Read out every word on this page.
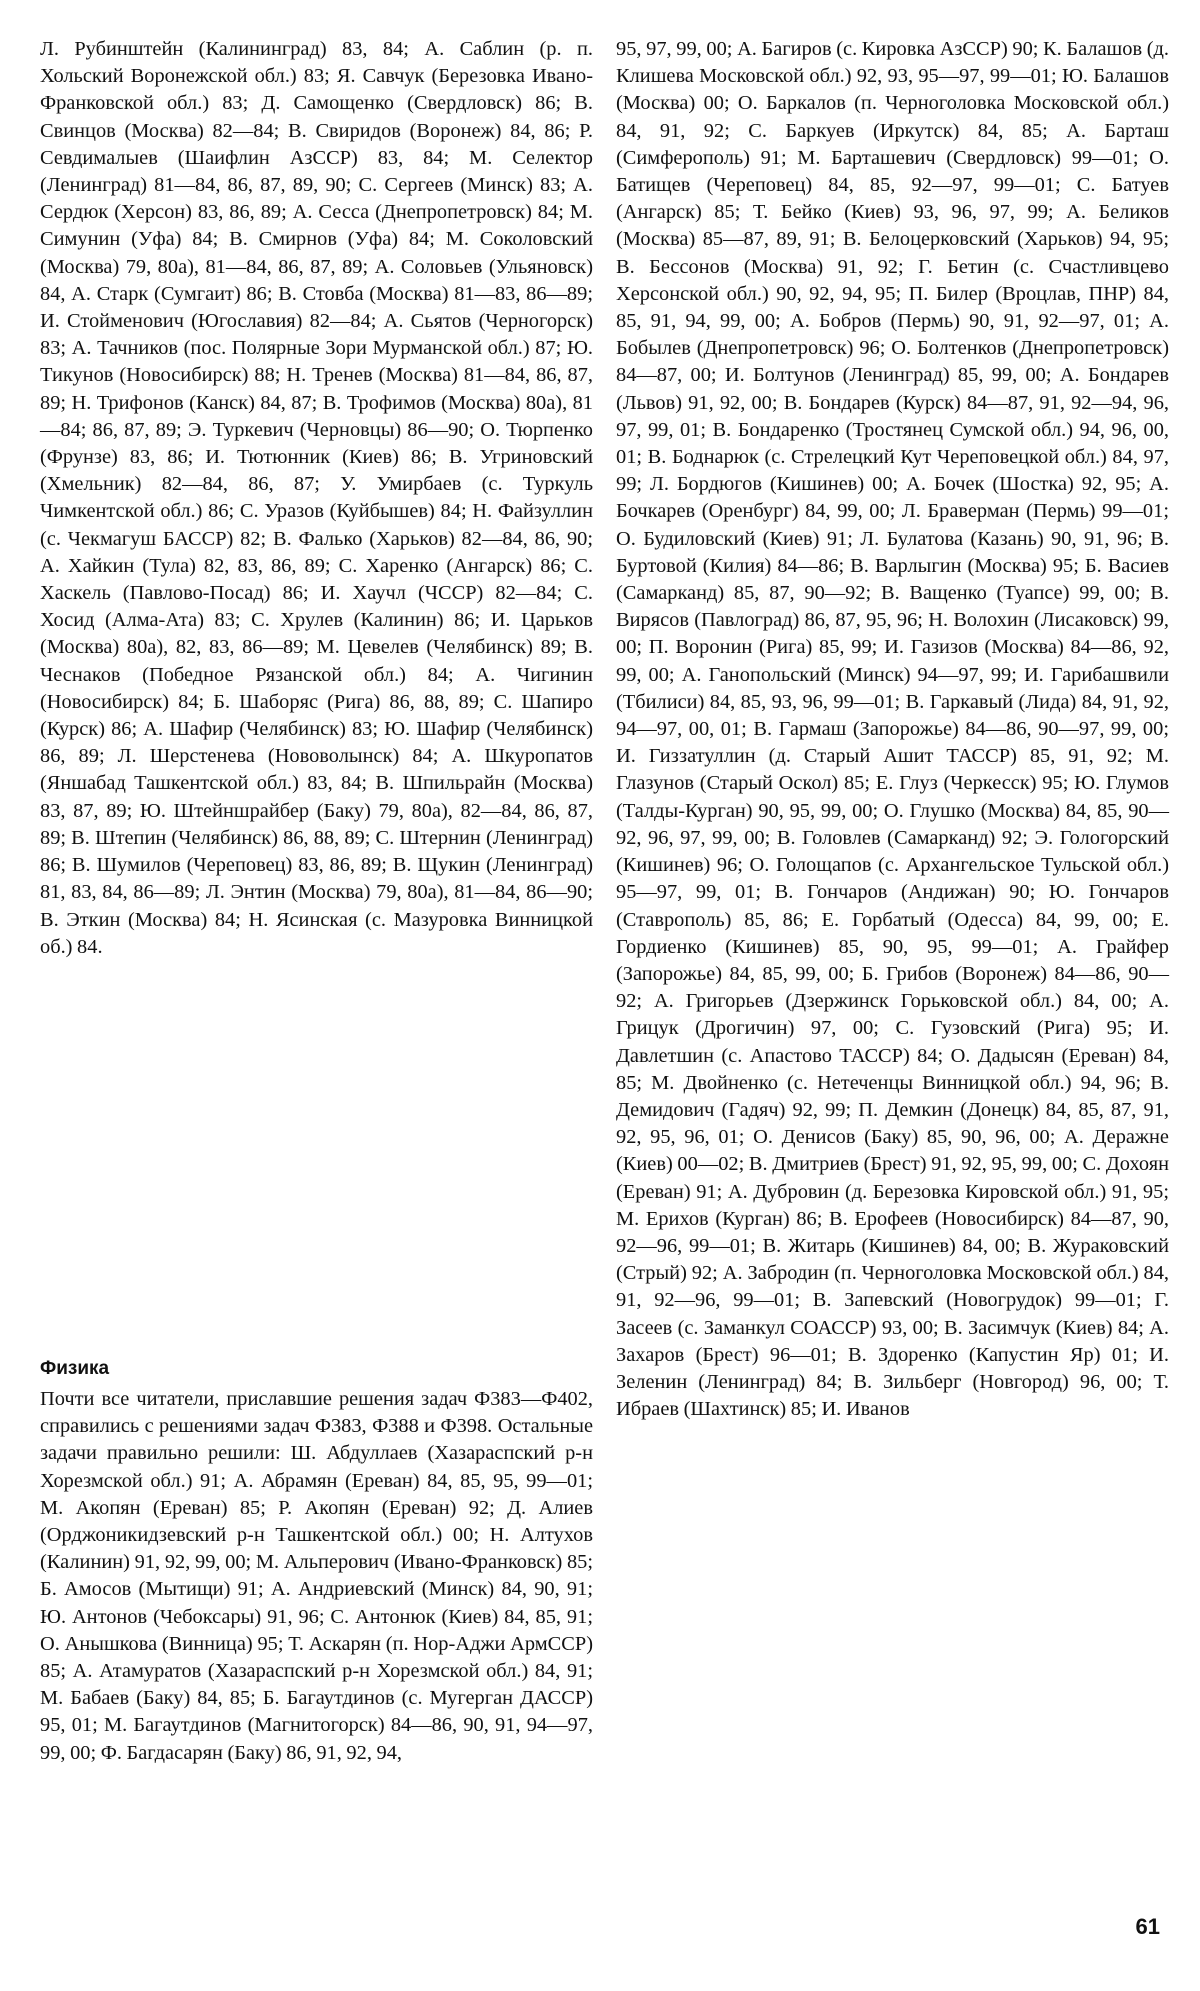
Л. Рубинштейн (Калининград) 83, 84; А. Саблин (р. п. Хольский Воронежской обл.) 83; Я. Савчук (Березовка Ивано-Франковской обл.) 83; Д. Самощенко (Свердловск) 86; В. Свинцов (Москва) 82—84; В. Свиридов (Воронеж) 84, 86; Р. Севдималыев (Шаифлин АзССР) 83, 84; М. Селектор (Ленинград) 81—84, 86, 87, 89, 90; С. Сергеев (Минск) 83; А. Сердюк (Херсон) 83, 86, 89; А. Сесса (Днепропетровск) 84; М. Симунин (Уфа) 84; В. Смирнов (Уфа) 84; М. Соколовский (Москва) 79, 80а), 81—84, 86, 87, 89; А. Соловьев (Ульяновск) 84, А. Старк (Сумгаит) 86; В. Стовба (Москва) 81—83, 86—89; И. Стойменович (Югославия) 82—84; А. Сьятов (Черногорск) 83; А. Тачников (пос. Полярные Зори Мурманской обл.) 87; Ю. Тикунов (Новосибирск) 88; Н. Тренев (Москва) 81—84, 86, 87, 89; Н. Трифонов (Канск) 84, 87; В. Трофимов (Москва) 80а), 81—84; 86, 87, 89; Э. Туркевич (Черновцы) 86—90; О. Тюрпенко (Фрунзе) 83, 86; И. Тютюнник (Киев) 86; В. Угриновский (Хмельник) 82—84, 86, 87; У. Умирбаев (с. Туркуль Чимкентской обл.) 86; С. Уразов (Куйбышев) 84; Н. Файзуллин (с. Чекмагуш БАССР) 82; В. Фалько (Харьков) 82—84, 86, 90; А. Хайкин (Тула) 82, 83, 86, 89; С. Харенко (Ангарск) 86; С. Хаскель (Павлово-Посад) 86; И. Хаучл (ЧССР) 82—84; С. Хосид (Алма-Ата) 83; С. Хрулев (Калинин) 86; И. Царьков (Москва) 80а), 82, 83, 86—89; М. Цевелев (Челябинск) 89; В. Чеснаков (Победное Рязанской обл.) 84; А. Чигинин (Новосибирск) 84; Б. Шаборяс (Рига) 86, 88, 89; С. Шапиро (Курск) 86; А. Шафир (Челябинск) 83; Ю. Шафир (Челябинск) 86, 89; Л. Шерстенева (Нововолынск) 84; А. Шкуропатов (Яншабад Ташкентской обл.) 83, 84; В. Шпильрайн (Москва) 83, 87, 89; Ю. Штейншрайбер (Баку) 79, 80а), 82—84, 86, 87, 89; В. Штепин (Челябинск) 86, 88, 89; С. Штернин (Ленинград) 86; В. Шумилов (Череповец) 83, 86, 89; В. Щукин (Ленинград) 81, 83, 84, 86—89; Л. Энтин (Москва) 79, 80а), 81—84, 86—90; В. Эткин (Москва) 84; Н. Ясинская (с. Мазуровка Винницкой об.) 84.

Физика
Почти все читатели, приславшие решения задач Ф383—Ф402, справились с решениями задач Ф383, Ф388 и Ф398. Остальные задачи правильно решили: Ш. Абдуллаев (Хазараспский р-н Хорезмской обл.) 91; А. Абрамян (Ереван) 84, 85, 95, 99—01; М. Акопян (Ереван) 85; Р. Акопян (Ереван) 92; Д. Алиев (Орджоникидзевский р-н Ташкентской обл.) 00; Н. Алтухов (Калинин) 91, 92, 99, 00; М. Альперович (Ивано-Франковск) 85; Б. Амосов (Мытищи) 91; А. Андриевский (Минск) 84, 90, 91; Ю. Антонов (Чебоксары) 91, 96; С. Антонюк (Киев) 84, 85, 91; О. Анышкова (Винница) 95; Т. Аскарян (п. Нор-Аджи АрмССР) 85; А. Атамуратов (Хазараспский р-н Хорезмской обл.) 84, 91; М. Бабаев (Баку) 84, 85; Б. Багаутдинов (с. Мугерган ДАССР) 95, 01; М. Багаутдинов (Магнитогорск) 84—86, 90, 91, 94—97, 99, 00; Ф. Багдасарян (Баку) 86, 91, 92, 94,

95, 97, 99, 00; А. Багиров (с. Кировка АзССР) 90; К. Балашов (д. Клишева Московской обл.) 92, 93, 95—97, 99—01; Ю. Балашов (Москва) 00; О. Баркалов (п. Черноголовка Московской обл.) 84, 91, 92; С. Баркуев (Иркутск) 84, 85; А. Барташ (Симферополь) 91; М. Барташевич (Свердловск) 99—01; О. Батищев (Череповец) 84, 85, 92—97, 99—01; С. Батуев (Ангарск) 85; Т. Бейко (Киев) 93, 96, 97, 99; А. Беликов (Москва) 85—87, 89, 91; В. Белоцерковский (Харьков) 94, 95; В. Бессонов (Москва) 91, 92; Г. Бетин (с. Счастливцево Херсонской обл.) 90, 92, 94, 95; П. Билер (Вроцлав, ПНР) 84, 85, 91, 94, 99, 00; А. Бобров (Пермь) 90, 91, 92—97, 01; А. Бобылев (Днепропетровск) 96; О. Болтенков (Днепропетровск) 84—87, 00; И. Болтунов (Ленинград) 85, 99, 00; А. Бондарев (Львов) 91, 92, 00; В. Бондарев (Курск) 84—87, 91, 92—94, 96, 97, 99, 01; В. Бондаренко (Тростянец Сумской обл.) 94, 96, 00, 01; В. Боднарюк (с. Стрелецкий Кут Череповецкой обл.) 84, 97, 99; Л. Бордюгов (Кишинев) 00; А. Бочек (Шостка) 92, 95; А. Бочкарев (Оренбург) 84, 99, 00; Л. Браверман (Пермь) 99—01; О. Будиловский (Киев) 91; Л. Булатова (Казань) 90, 91, 96; В. Буртовой (Килия) 84—86; В. Варлыгин (Москва) 95; Б. Васиев (Самарканд) 85, 87, 90—92; В. Ващенко (Туапсе) 99, 00; В. Вирясов (Павлоград) 86, 87, 95, 96; Н. Волохин (Лисаковск) 99, 00; П. Воронин (Рига) 85, 99; И. Газизов (Москва) 84—86, 92, 99, 00; А. Ганопольский (Минск) 94—97, 99; И. Гарибашвили (Тбилиси) 84, 85, 93, 96, 99—01; В. Гаркавый (Лида) 84, 91, 92, 94—97, 00, 01; В. Гармаш (Запорожье) 84—86, 90—97, 99, 00; И. Гиззатуллин (д. Старый Ашит ТАССР) 85, 91, 92; М. Глазунов (Старый Оскол) 85; Е. Глуз (Черкесск) 95; Ю. Глумов (Талды-Курган) 90, 95, 99, 00; О. Глушко (Москва) 84, 85, 90—92, 96, 97, 99, 00; В. Головлев (Самарканд) 92; Э. Гологорский (Кишинев) 96; О. Голощапов (с. Архангельское Тульской обл.) 95—97, 99, 01; В. Гончаров (Андижан) 90; Ю. Гончаров (Ставрополь) 85, 86; Е. Горбатый (Одесса) 84, 99, 00; Е. Гордиенко (Кишинев) 85, 90, 95, 99—01; А. Грайфер (Запорожье) 84, 85, 99, 00; Б. Грибов (Воронеж) 84—86, 90—92; А. Григорьев (Дзержинск Горьковской обл.) 84, 00; А. Грицук (Дрогичин) 97, 00; С. Гузовский (Рига) 95; И. Давлетшин (с. Апастово ТАССР) 84; О. Дадысян (Ереван) 84, 85; М. Двойненко (с. Нетеченцы Винницкой обл.) 94, 96; В. Демидович (Гадяч) 92, 99; П. Демкин (Донецк) 84, 85, 87, 91, 92, 95, 96, 01; О. Денисов (Баку) 85, 90, 96, 00; А. Деражне (Киев) 00—02; В. Дмитриев (Брест) 91, 92, 95, 99, 00; С. Дохоян (Ереван) 91; А. Дубровин (д. Березовка Кировской обл.) 91, 95; М. Ерихов (Курган) 86; В. Ерофеев (Новосибирск) 84—87, 90, 92—96, 99—01; В. Житарь (Кишинев) 84, 00; В. Жураковский (Стрый) 92; А. Забродин (п. Черноголовка Московской обл.) 84, 91, 92—96, 99—01; В. Запевский (Новогрудок) 99—01; Г. Засеев (с. Заманкул СОАССР) 93, 00; В. Засимчук (Киев) 84; А. Захаров (Брест) 96—01; В. Здоренко (Капустин Яр) 01; И. Зеленин (Ленинград) 84; В. Зильберг (Новгород) 96, 00; Т. Ибраев (Шахтинск) 85; И. Иванов

61
